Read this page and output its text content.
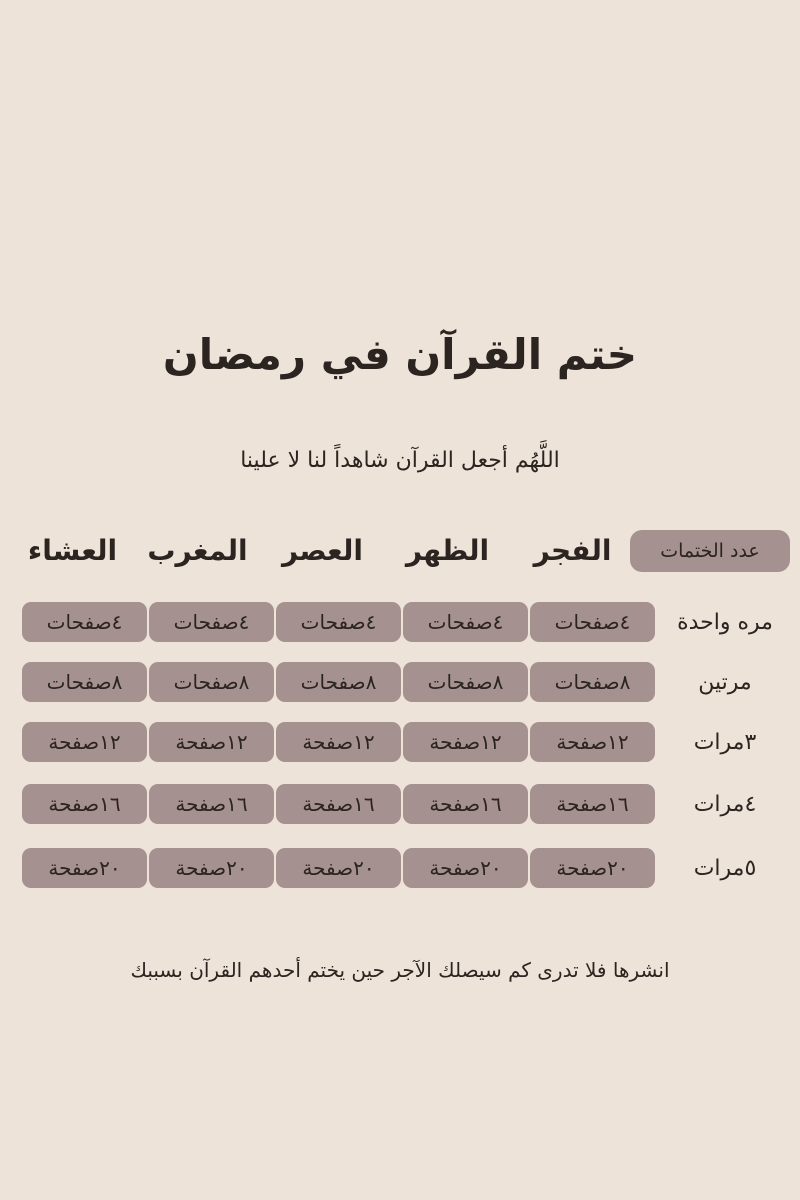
ختم القرآن في رمضان
اللَّهُم أجعل القرآن شاهداً لنا لا علينا
عدد الختمات
الفجر
الظهر
العصر
المغرب
العشاء
مره واحدة
٤صفحات
٤صفحات
٤صفحات
٤صفحات
٤صفحات
مرتين
٨صفحات
٨صفحات
٨صفحات
٨صفحات
٨صفحات
٣مرات
١٢صفحة
١٢صفحة
١٢صفحة
١٢صفحة
١٢صفحة
٤مرات
١٦صفحة
١٦صفحة
١٦صفحة
١٦صفحة
١٦صفحة
٥مرات
٢٠صفحة
٢٠صفحة
٢٠صفحة
٢٠صفحة
٢٠صفحة
انشرها فلا تدرى كم سيصلك الآجر حين يختم أحدهم القرآن بسببك
